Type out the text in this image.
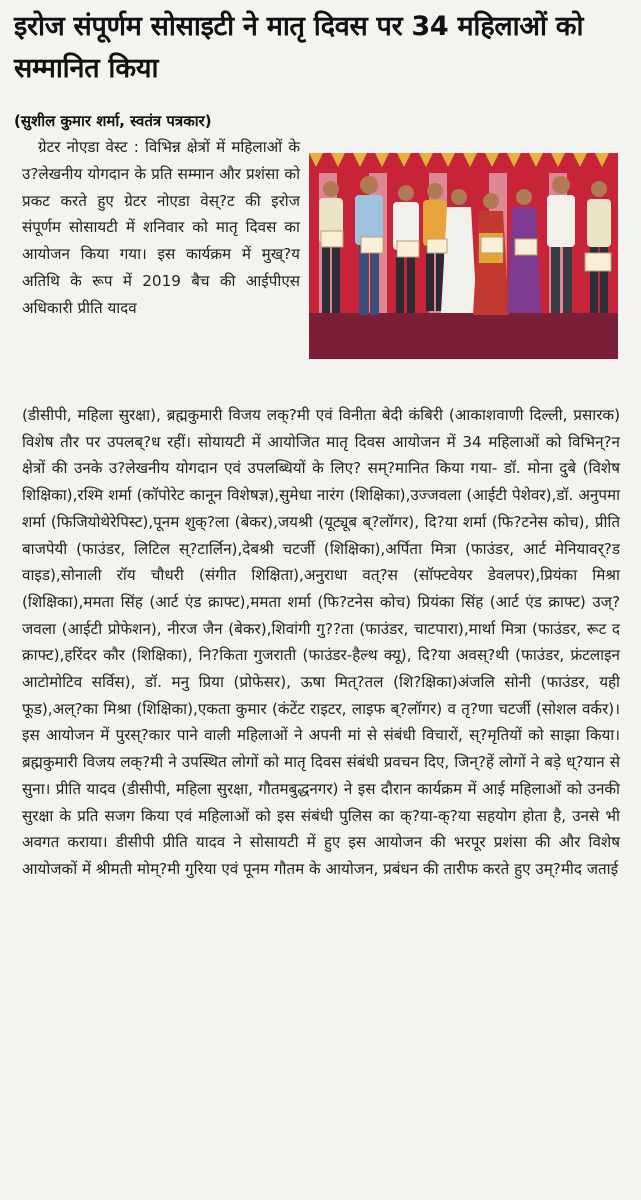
इरोज संपूर्णम सोसाइटी ने मातृ दिवस पर 34 महिलाओं को सम्मानित किया
(सुशील कुमार शर्मा, स्वतंत्र पत्रकार)

ग्रेटर नोएडा वेस्ट : विभिन्न क्षेत्रों में महिलाओं के उ?लेखनीय योगदान के प्रति सम्मान और प्रशंसा को प्रकट करते हुए ग्रेटर नोएडा वेस्?ट की इरोज संपूर्णम सोसायटी में शनिवार को मातृ दिवस का आयोजन किया गया। इस कार्यक्रम में मुख्?य अतिथि के रूप में 2019 बैच की आईपीएस अधिकारी प्रीति यादव

(डीसीपी, महिला सुरक्षा), ब्रह्मकुमारी विजय लक्?मी एवं विनीता बेदी कंबिरी (आकाशवाणी दिल्ली, प्रसारक) विशेष तौर पर उपलब्?ध रहीं। सोयायटी में आयोजित मातृ दिवस आयोजन में 34 महिलाओं को विभिन्?न क्षेत्रों की उनके उ?लेखनीय योगदान एवं उपलब्धियों के लिए? सम्?मानित किया गया- डॉ. मोना दुबे (विशेष शिक्षिका),रश्मि शर्मा (कॉपोरेट कानून विशेषज्ञ),सुमेधा नारंग (शिक्षिका),उज्जवला (आईटी पेशेवर),डॉ. अनुपमा शर्मा (फिजियोथेरेपिस्ट),पूनम शुक्?ला (बेकर),जयश्री (यूट्यूब ब्?लॉगर), दि?या शर्मा (फि?टनेस कोच), प्रीति बाजपेयी (फाउंडर, लिटिल स्?टार्लिन),देबश्री चटर्जी (शिक्षिका),अर्पिता मित्रा (फाउंडर, आर्ट मेनियावर्?ड वाइड),सोनाली रॉय चौधरी (संगीत शिक्षिता),अनुराधा वत्?स (सॉफ्टवेयर डेवलपर),प्रियंका मिश्रा (शिक्षिका),ममता सिंह (आर्ट एंड क्राफ्ट),ममता शर्मा (फि?टनेस कोच) प्रियंका सिंह (आर्ट एंड क्राफ्ट) उज्?जवला (आईटी प्रोफेशन), नीरज जैन (बेकर),शिवांगी गु??ता (फाउंडर, चाटपारा),मार्था मित्रा (फाउंडर, रूट द क्राफ्ट),हरिंदर कौर (शिक्षिका), नि?किता गुजराती (फाउंडर-हैल्थ क्यू), दि?या अवस्?थी (फाउंडर, फ्रंटलाइन आटोमोटिव सर्विस), डॉ. मनु प्रिया (प्रोफेसर), ऊषा मित्?तल (शि?क्षिका)अंजलि सोनी (फाउंडर, यही फूड),अल्?का मिश्रा (शिक्षिका),एकता कुमार (कंटेंट राइटर, लाइफ ब्?लॉगर) व तृ?णा चटर्जी (सोशल वर्कर)। इस आयोजन में पुरस्?कार पाने वाली महिलाओं ने अपनी मां से संबंधी विचारों, स्?मृतियों को साझा किया। ब्रह्मकुमारी विजय लक्?मी ने उपस्थित लोगों को मातृ दिवस संबंधी प्रवचन दिए, जिन्?हें लोगों ने बड़े ध्?यान से सुना। प्रीति यादव (डीसीपी, महिला सुरक्षा, गौतमबुद्धनगर) ने इस दौरान कार्यक्रम में आई महिलाओं को उनकी सुरक्षा के प्रति सजग किया एवं महिलाओं को इस संबंधी पुलिस का क्?या-क्?या सहयोग होता है, उनसे भी अवगत कराया। डीसीपी प्रीति यादव ने सोसायटी में हुए इस आयोजन की भरपूर प्रशंसा की और विशेष आयोजकों में श्रीमती मोम्?मी गुरिया एवं पूनम गौतम के आयोजन, प्रबंधन की तारीफ करते हुए उम्?मीद जताई
